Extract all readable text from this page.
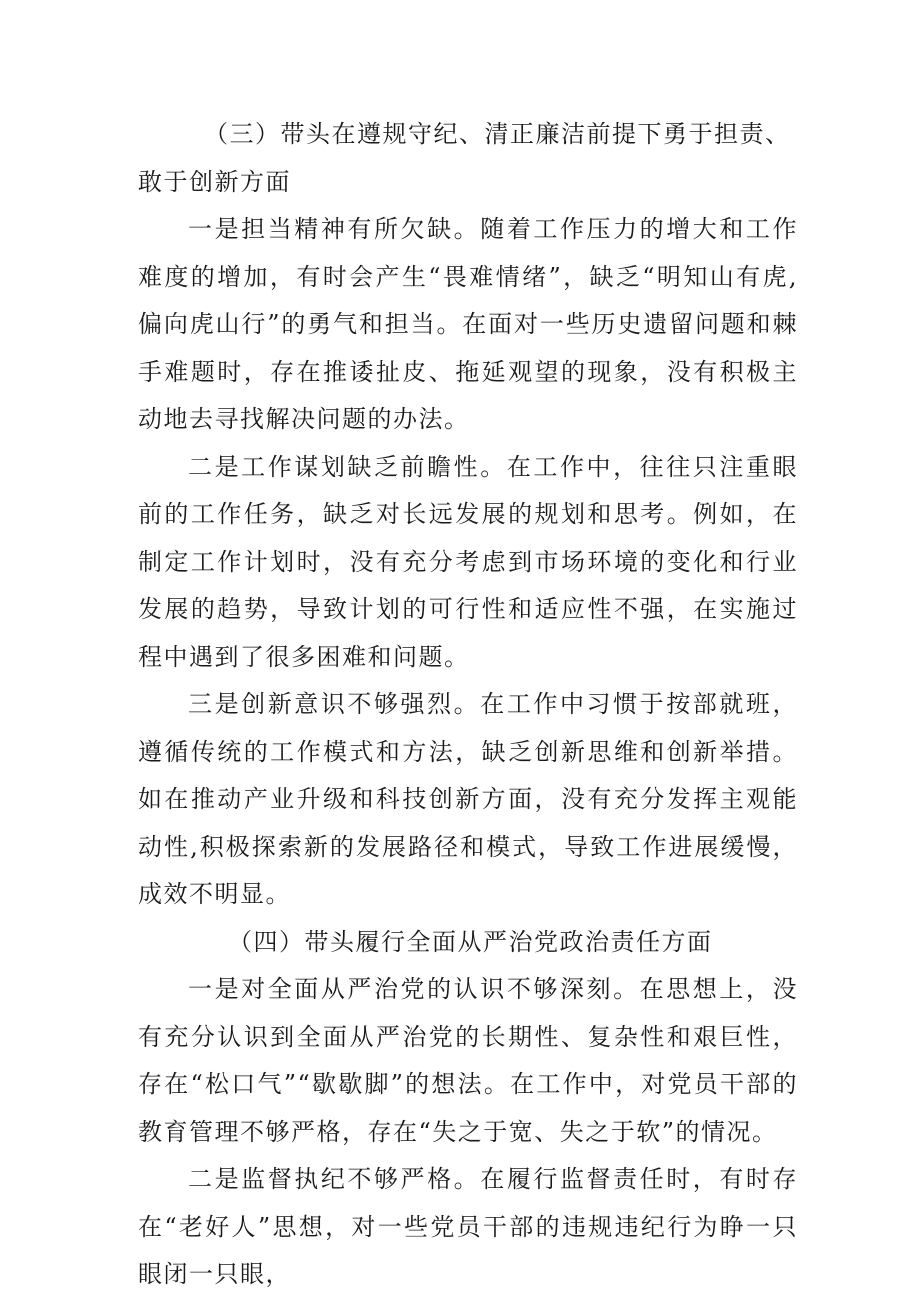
（三）带头在遵规守纪、清正廉洁前提下勇于担责、敢于创新方面

一是担当精神有所欠缺。随着工作压力的增大和工作难度的增加，有时会产生“畏难情绪”，缺乏“明知山有虎,偏向虎山行”的勇气和担当。在面对一些历史遗留问题和棘手难题时，存在推诿扯皮、拖延观望的现象，没有积极主动地去寻找解决问题的办法。

二是工作谋划缺乏前瞻性。在工作中，往往只注重眼前的工作任务，缺乏对长远发展的规划和思考。例如，在制定工作计划时，没有充分考虑到市场环境的变化和行业发展的趋势，导致计划的可行性和适应性不强，在实施过程中遇到了很多困难和问题。

三是创新意识不够强烈。在工作中习惯于按部就班，遵循传统的工作模式和方法，缺乏创新思维和创新举措。如在推动产业升级和科技创新方面，没有充分发挥主观能动性,积极探索新的发展路径和模式，导致工作进展缓慢，成效不明显。

（四）带头履行全面从严治党政治责任方面

一是对全面从严治党的认识不够深刻。在思想上，没有充分认识到全面从严治党的长期性、复杂性和艰巨性，存在“松口气”“歇歇脚”的想法。在工作中，对党员干部的教育管理不够严格，存在“失之于宽、失之于软”的情况。

二是监督执纪不够严格。在履行监督责任时，有时存在“老好人”思想，对一些党员干部的违规违纪行为睁一只眼闭一只眼，
